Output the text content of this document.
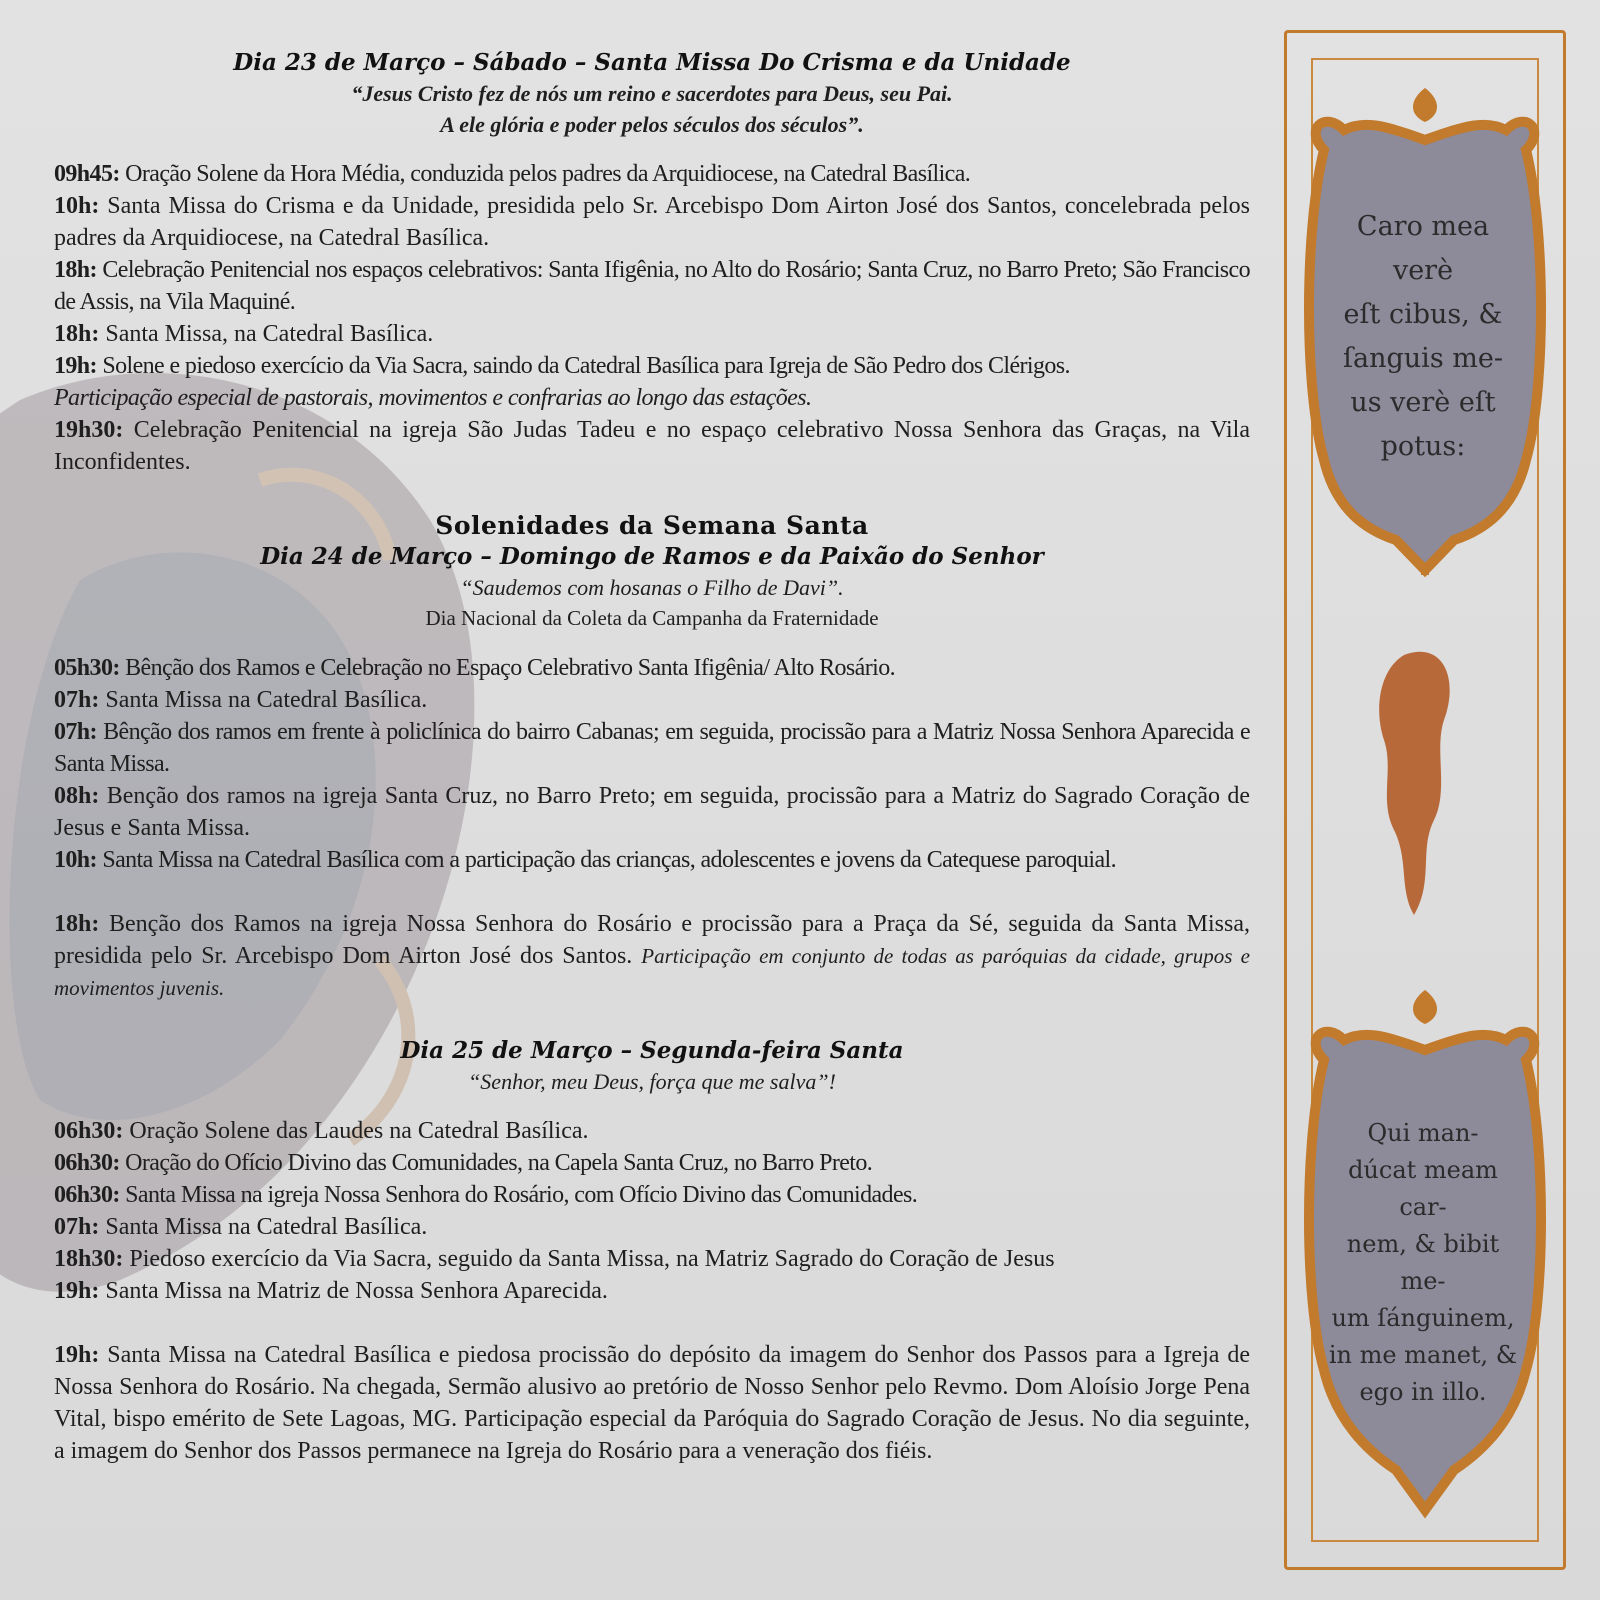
Dia 23 de Março – Sábado – Santa Missa Do Crisma e da Unidade
“Jesus Cristo fez de nós um reino e sacerdotes para Deus, seu Pai.
A ele glória e poder pelos séculos dos séculos”.

09h45: Oração Solene da Hora Média, conduzida pelos padres da Arquidiocese, na Catedral Basílica.

10h: Santa Missa do Crisma e da Unidade, presidida pelo Sr. Arcebispo Dom Airton José dos Santos, concelebrada pelos padres da Arquidiocese, na Catedral Basílica.

18h: Celebração Penitencial nos espaços celebrativos: Santa Ifigênia, no Alto do Rosário; Santa Cruz, no Barro Preto; São Francisco de Assis, na Vila Maquiné.

18h: Santa Missa, na Catedral Basílica.

19h: Solene e piedoso exercício da Via Sacra, saindo da Catedral Basílica para Igreja de São Pedro dos Clérigos.

Participação especial de pastorais, movimentos e confrarias ao longo das estações.

19h30: Celebração Penitencial na igreja São Judas Tadeu e no espaço celebrativo Nossa Senhora das Graças, na Vila Inconfidentes.

Solenidades da Semana Santa
Dia 24 de Março – Domingo de Ramos e da Paixão do Senhor
“Saudemos com hosanas o Filho de Davi”.
Dia Nacional da Coleta da Campanha da Fraternidade

05h30: Bênção dos Ramos e Celebração no Espaço Celebrativo Santa Ifigênia/ Alto Rosário.

07h: Santa Missa na Catedral Basílica.

07h: Bênção dos ramos em frente à policlínica do bairro Cabanas; em seguida, procissão para a Matriz Nossa Senhora Aparecida e Santa Missa.

08h: Benção dos ramos na igreja Santa Cruz, no Barro Preto; em seguida, procissão para a Matriz do Sagrado Coração de Jesus e Santa Missa.

10h: Santa Missa na Catedral Basílica com a participação das crianças, adolescentes e jovens da Catequese paroquial.

18h: Benção dos Ramos na igreja Nossa Senhora do Rosário e procissão para a Praça da Sé, seguida da Santa Missa, presidida pelo Sr. Arcebispo Dom Airton José dos Santos. Participação em conjunto de todas as paróquias da cidade, grupos e movimentos juvenis.

Dia 25 de Março – Segunda-feira Santa
“Senhor, meu Deus, força que me salva”!

06h30: Oração Solene das Laudes na Catedral Basílica.

06h30: Oração do Ofício Divino das Comunidades, na Capela Santa Cruz, no Barro Preto.

06h30: Santa Missa na igreja Nossa Senhora do Rosário, com Ofício Divino das Comunidades.

07h: Santa Missa na Catedral Basílica.

18h30: Piedoso exercício da Via Sacra, seguido da Santa Missa, na Matriz Sagrado do Coração de Jesus

19h: Santa Missa na Matriz de Nossa Senhora Aparecida.

19h: Santa Missa na Catedral Basílica e piedosa procissão do depósito da imagem do Senhor dos Passos para a Igreja de Nossa Senhora do Rosário. Na chegada, Sermão alusivo ao pretório de Nosso Senhor pelo Revmo. Dom Aloísio Jorge Pena Vital, bispo emérito de Sete Lagoas, MG. Participação especial da Paróquia do Sagrado Coração de Jesus. No dia seguinte, a imagem do Senhor dos Passos permanece na Igreja do Rosário para a veneração dos fiéis.

Caro mea verè
eſt cibus, &
ſanguis me-
us verè eſt
potus:
Qui man-
dúcat meam car-
nem, & bibit me-
um ſánguinem,
in me manet, &
ego in illo.
